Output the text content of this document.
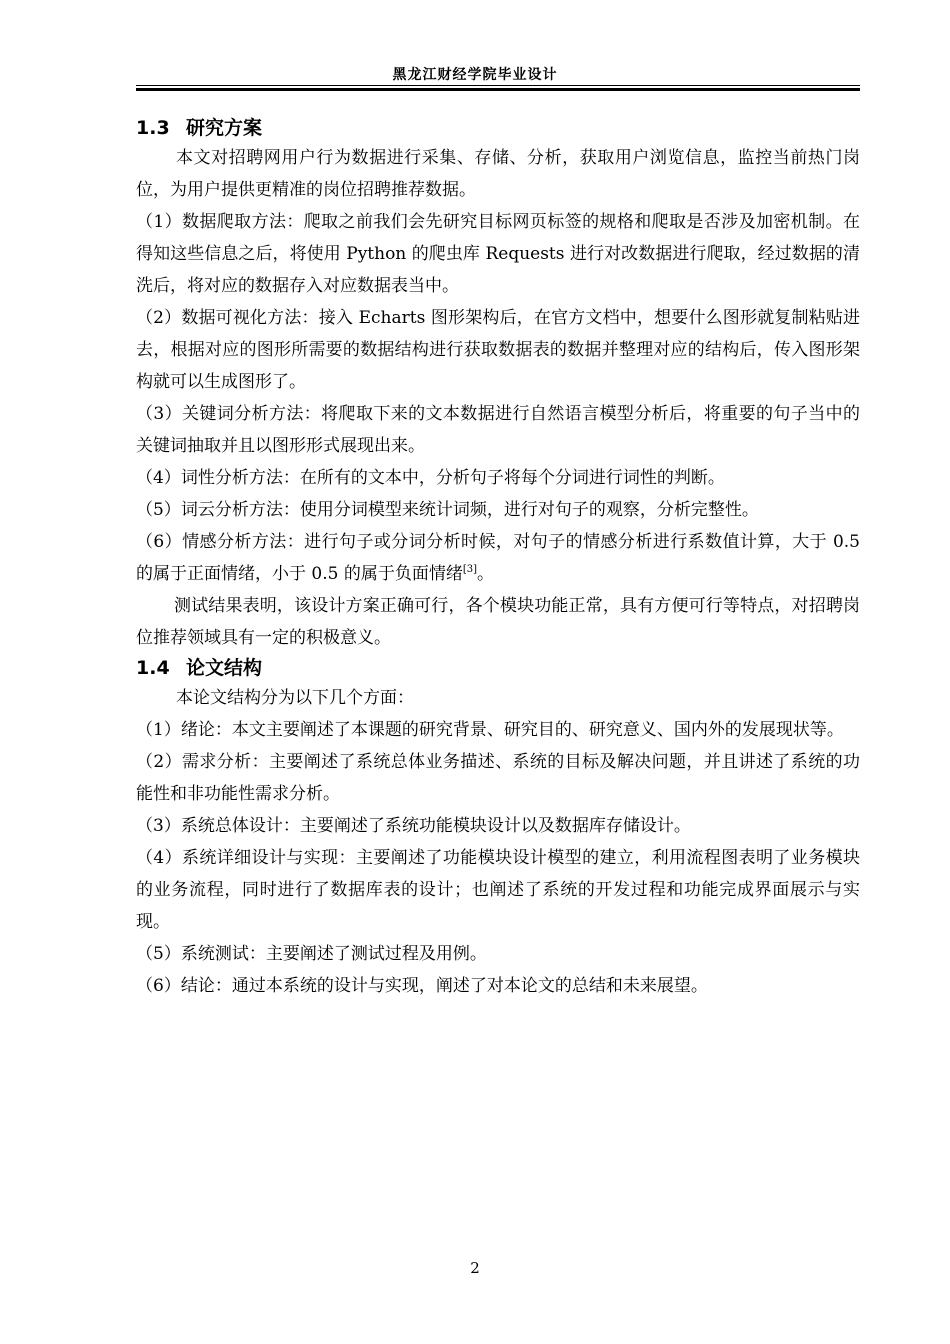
黑龙江财经学院毕业设计
1.3 研究方案

本文对招聘网用户行为数据进行采集、存储、分析，获取用户浏览信息，监控当前热门岗位，为用户提供更精准的岗位招聘推荐数据。

（1）数据爬取方法：爬取之前我们会先研究目标网页标签的规格和爬取是否涉及加密机制。在得知这些信息之后，将使用 Python 的爬虫库 Requests 进行对改数据进行爬取，经过数据的清洗后，将对应的数据存入对应数据表当中。

（2）数据可视化方法：接入 Echarts 图形架构后，在官方文档中，想要什么图形就复制粘贴进去，根据对应的图形所需要的数据结构进行获取数据表的数据并整理对应的结构后，传入图形架构就可以生成图形了。

（3）关键词分析方法：将爬取下来的文本数据进行自然语言模型分析后，将重要的句子当中的关键词抽取并且以图形形式展现出来。

（4）词性分析方法：在所有的文本中，分析句子将每个分词进行词性的判断。

（5）词云分析方法：使用分词模型来统计词频，进行对句子的观察，分析完整性。

（6）情感分析方法：进行句子或分词分析时候，对句子的情感分析进行系数值计算，大于 0.5 的属于正面情绪，小于 0.5 的属于负面情绪[3]。

测试结果表明，该设计方案正确可行，各个模块功能正常，具有方便可行等特点，对招聘岗位推荐领域具有一定的积极意义。

1.4 论文结构

本论文结构分为以下几个方面：

（1）绪论：本文主要阐述了本课题的研究背景、研究目的、研究意义、国内外的发展现状等。

（2）需求分析：主要阐述了系统总体业务描述、系统的目标及解决问题，并且讲述了系统的功能性和非功能性需求分析。

（3）系统总体设计：主要阐述了系统功能模块设计以及数据库存储设计。

（4）系统详细设计与实现：主要阐述了功能模块设计模型的建立，利用流程图表明了业务模块的业务流程，同时进行了数据库表的设计；也阐述了系统的开发过程和功能完成界面展示与实现。

（5）系统测试：主要阐述了测试过程及用例。

（6）结论：通过本系统的设计与实现，阐述了对本论文的总结和未来展望。

2
